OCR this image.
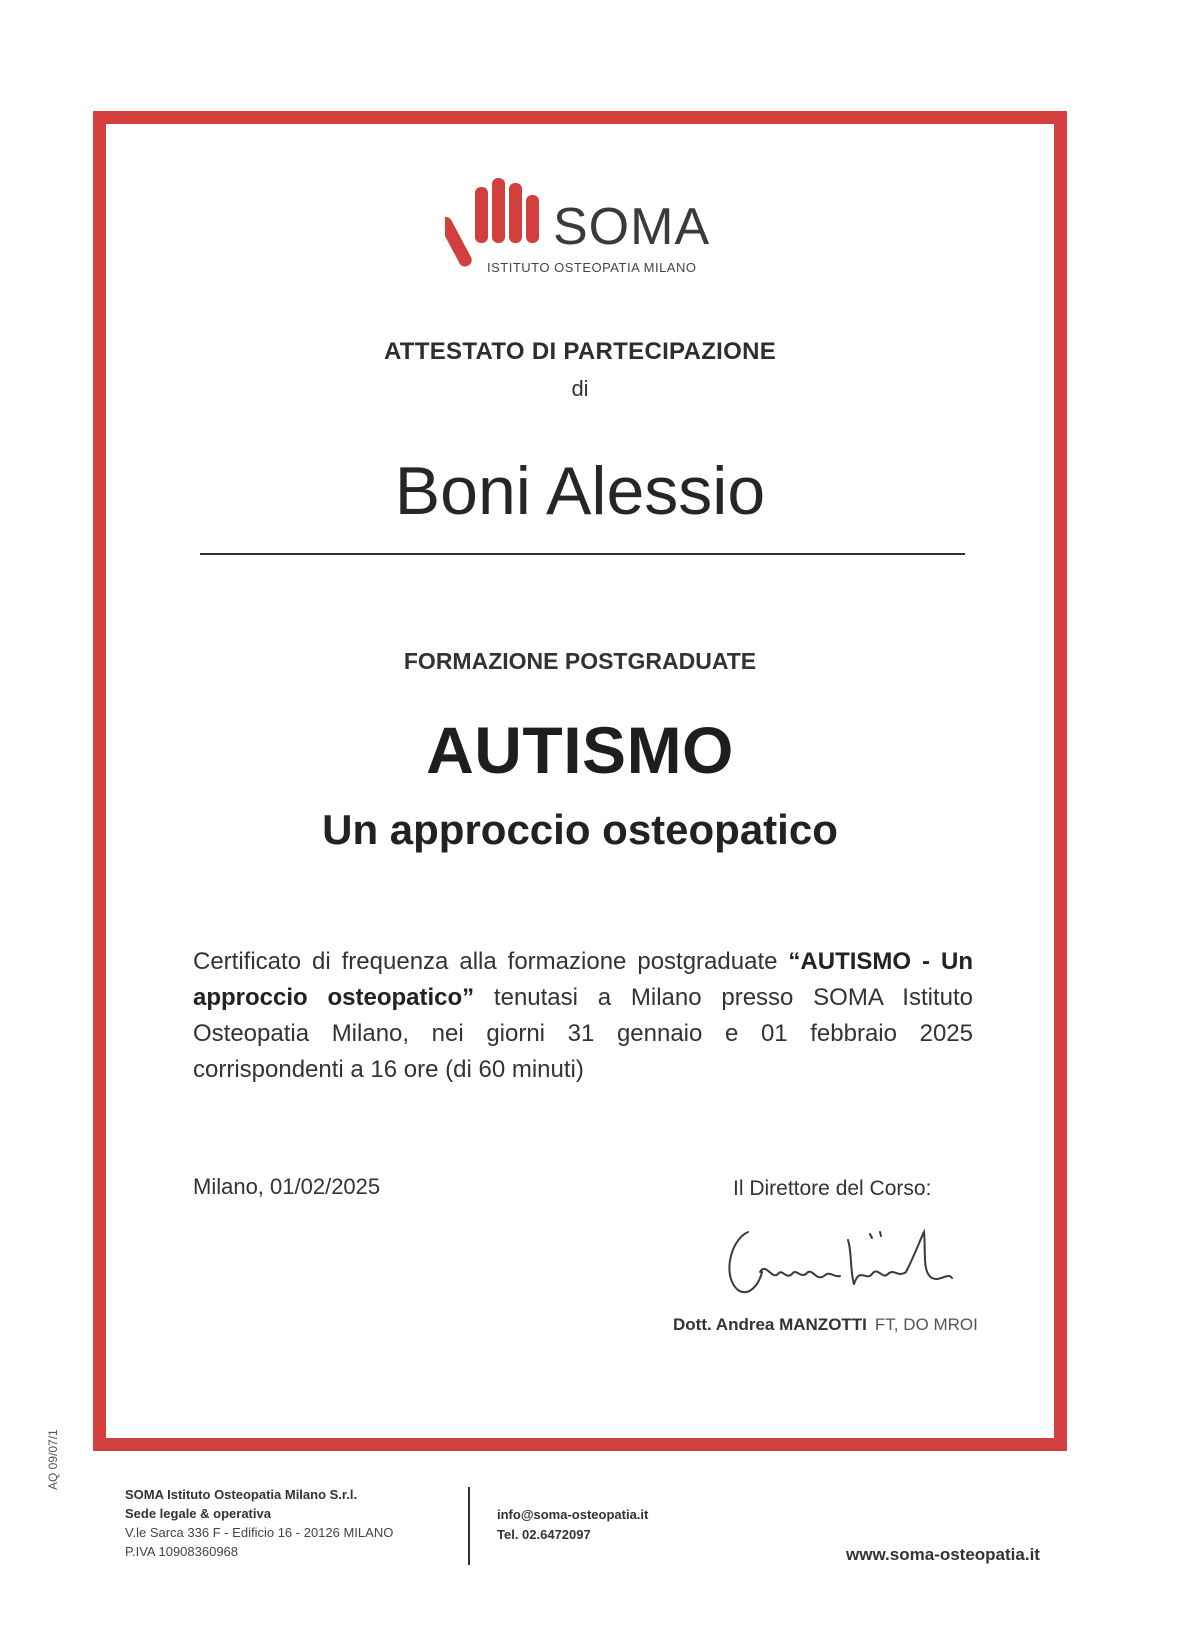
SOMA
ISTITUTO OSTEOPATIA MILANO
ATTESTATO DI PARTECIPAZIONE
di
Boni Alessio
FORMAZIONE POSTGRADUATE
AUTISMO
Un approccio osteopatico
Certificato di frequenza alla formazione postgraduate “AUTISMO - Un approccio osteopatico” tenutasi a Milano presso SOMA Istituto Osteopatia Milano, nei giorni 31 gennaio e 01 febbraio 2025 corrispondenti a 16 ore (di 60 minuti)
Milano, 01/02/2025	Il Direttore del Corso:
Dott. Andrea MANZOTTI FT, DO MROI
AQ 09/07/1
SOMA Istituto Osteopatia Milano S.r.l.
Sede legale & operativa
V.le Sarca 336 F - Edificio 16 - 20126 MILANO
P.IVA 10908360968
info@soma-osteopatia.it
Tel. 02.6472097
www.soma-osteopatia.it
